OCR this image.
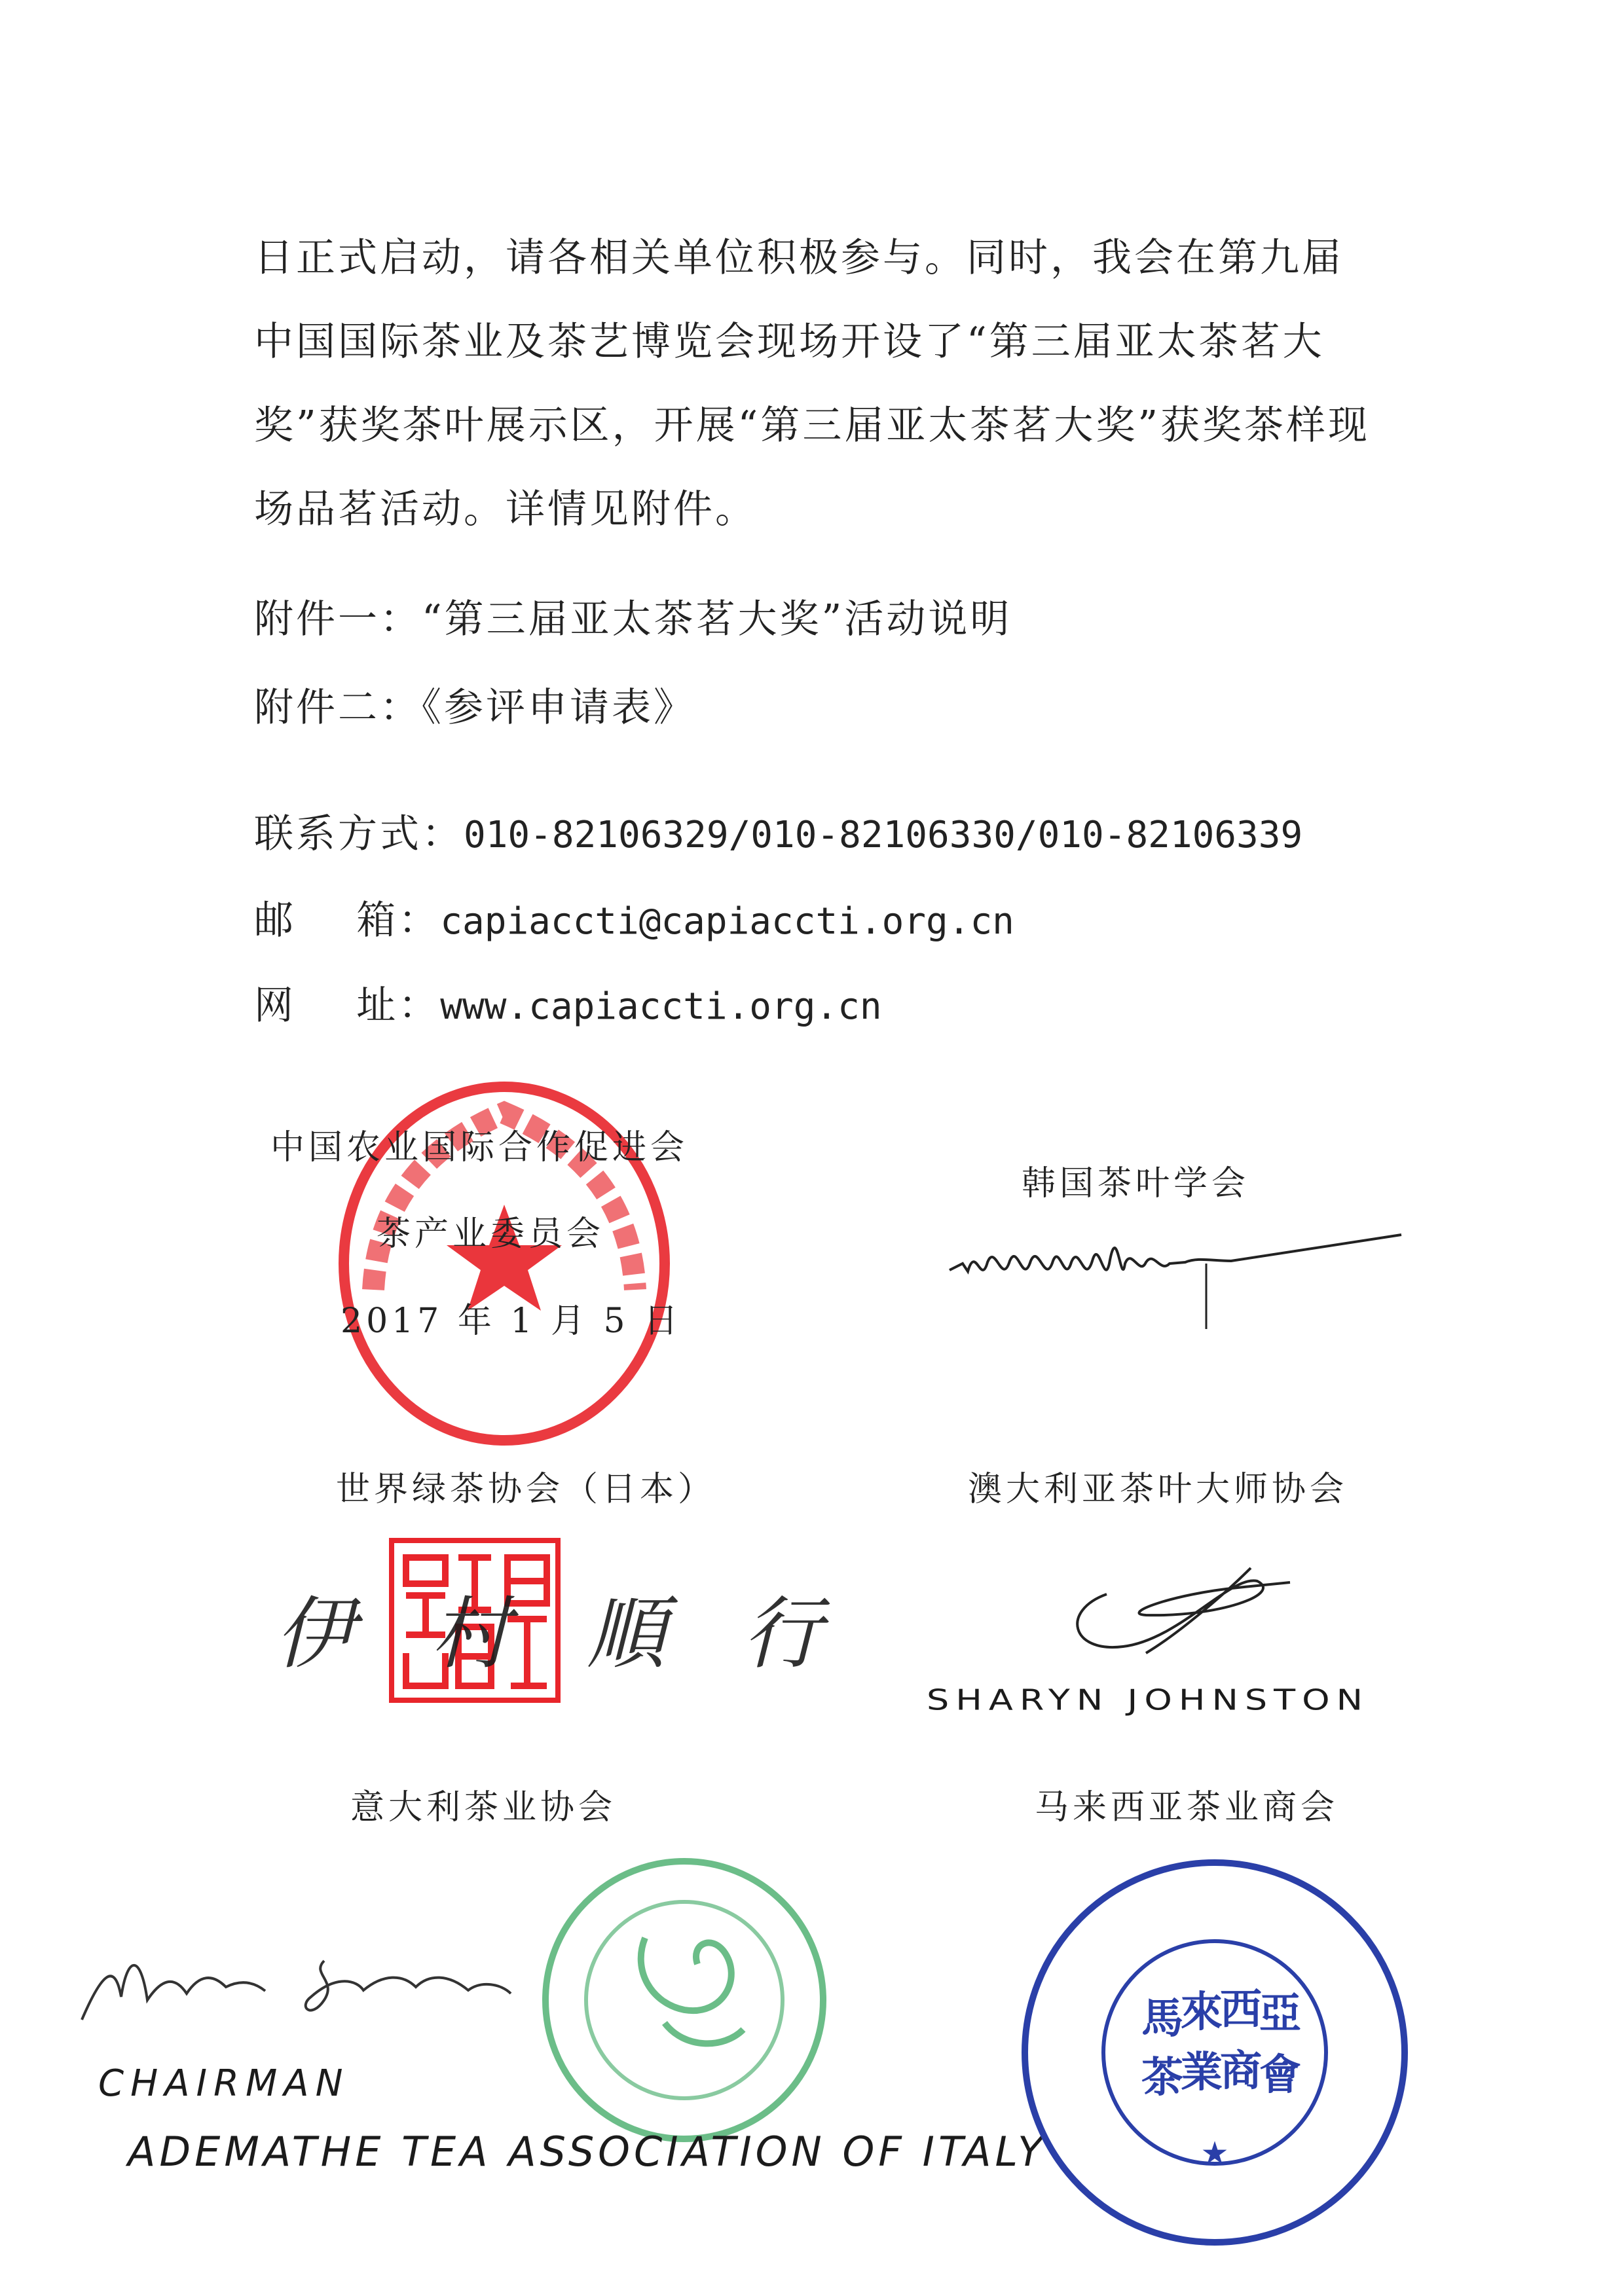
日正式启动，请各相关单位积极参与。同时，我会在第九届中国国际茶业及茶艺博览会现场开设了“第三届亚太茶茗大奖”获奖茶叶展示区，开展“第三届亚太茶茗大奖”获奖茶样现场品茗活动。详情见附件。
附件一：“第三届亚太茶茗大奖”活动说明
附件二：《参评申请表》
联系方式：010-82106329/010-82106330/010-82106339
邮    箱：capiaccti@capiaccti.org.cn
网    址：www.capiaccti.org.cn
中国农业国际合作促进会
茶产业委员会
2017 年 1 月 5 日
韩国茶叶学会
世界绿茶协会（日本）
伊 村 順 行
澳大利亚茶叶大师协会
SHARYN JOHNSTON
意大利茶业协会
CHAIRMAN
ADEMATHE TEA ASSOCIATION OF ITALY
马来西亚茶业商会
★
馬
來
西
亞
茶
業
商
會
